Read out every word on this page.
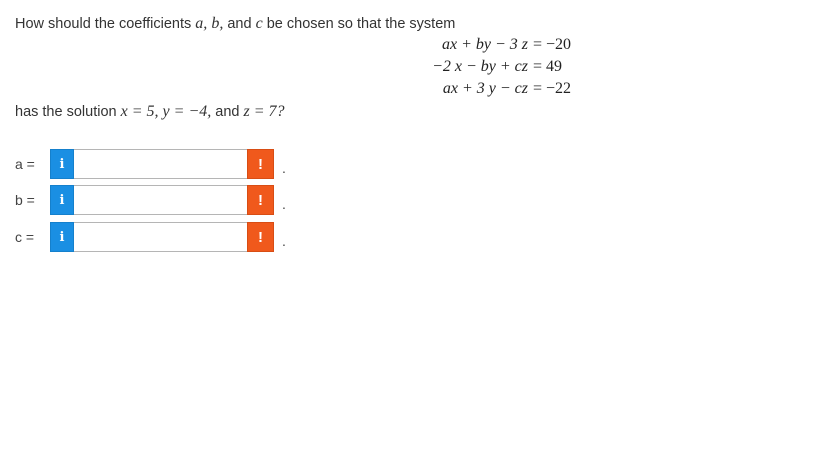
How should the coefficients a, b, and c be chosen so that the system
ax + by − 3 z = −20
−2 x − by + cz = 49
ax + 3 y − cz = −22
has the solution x = 5, y = −4, and z = 7?
a =	i	!	.
b =	i	!	.
c =	i	!	.
